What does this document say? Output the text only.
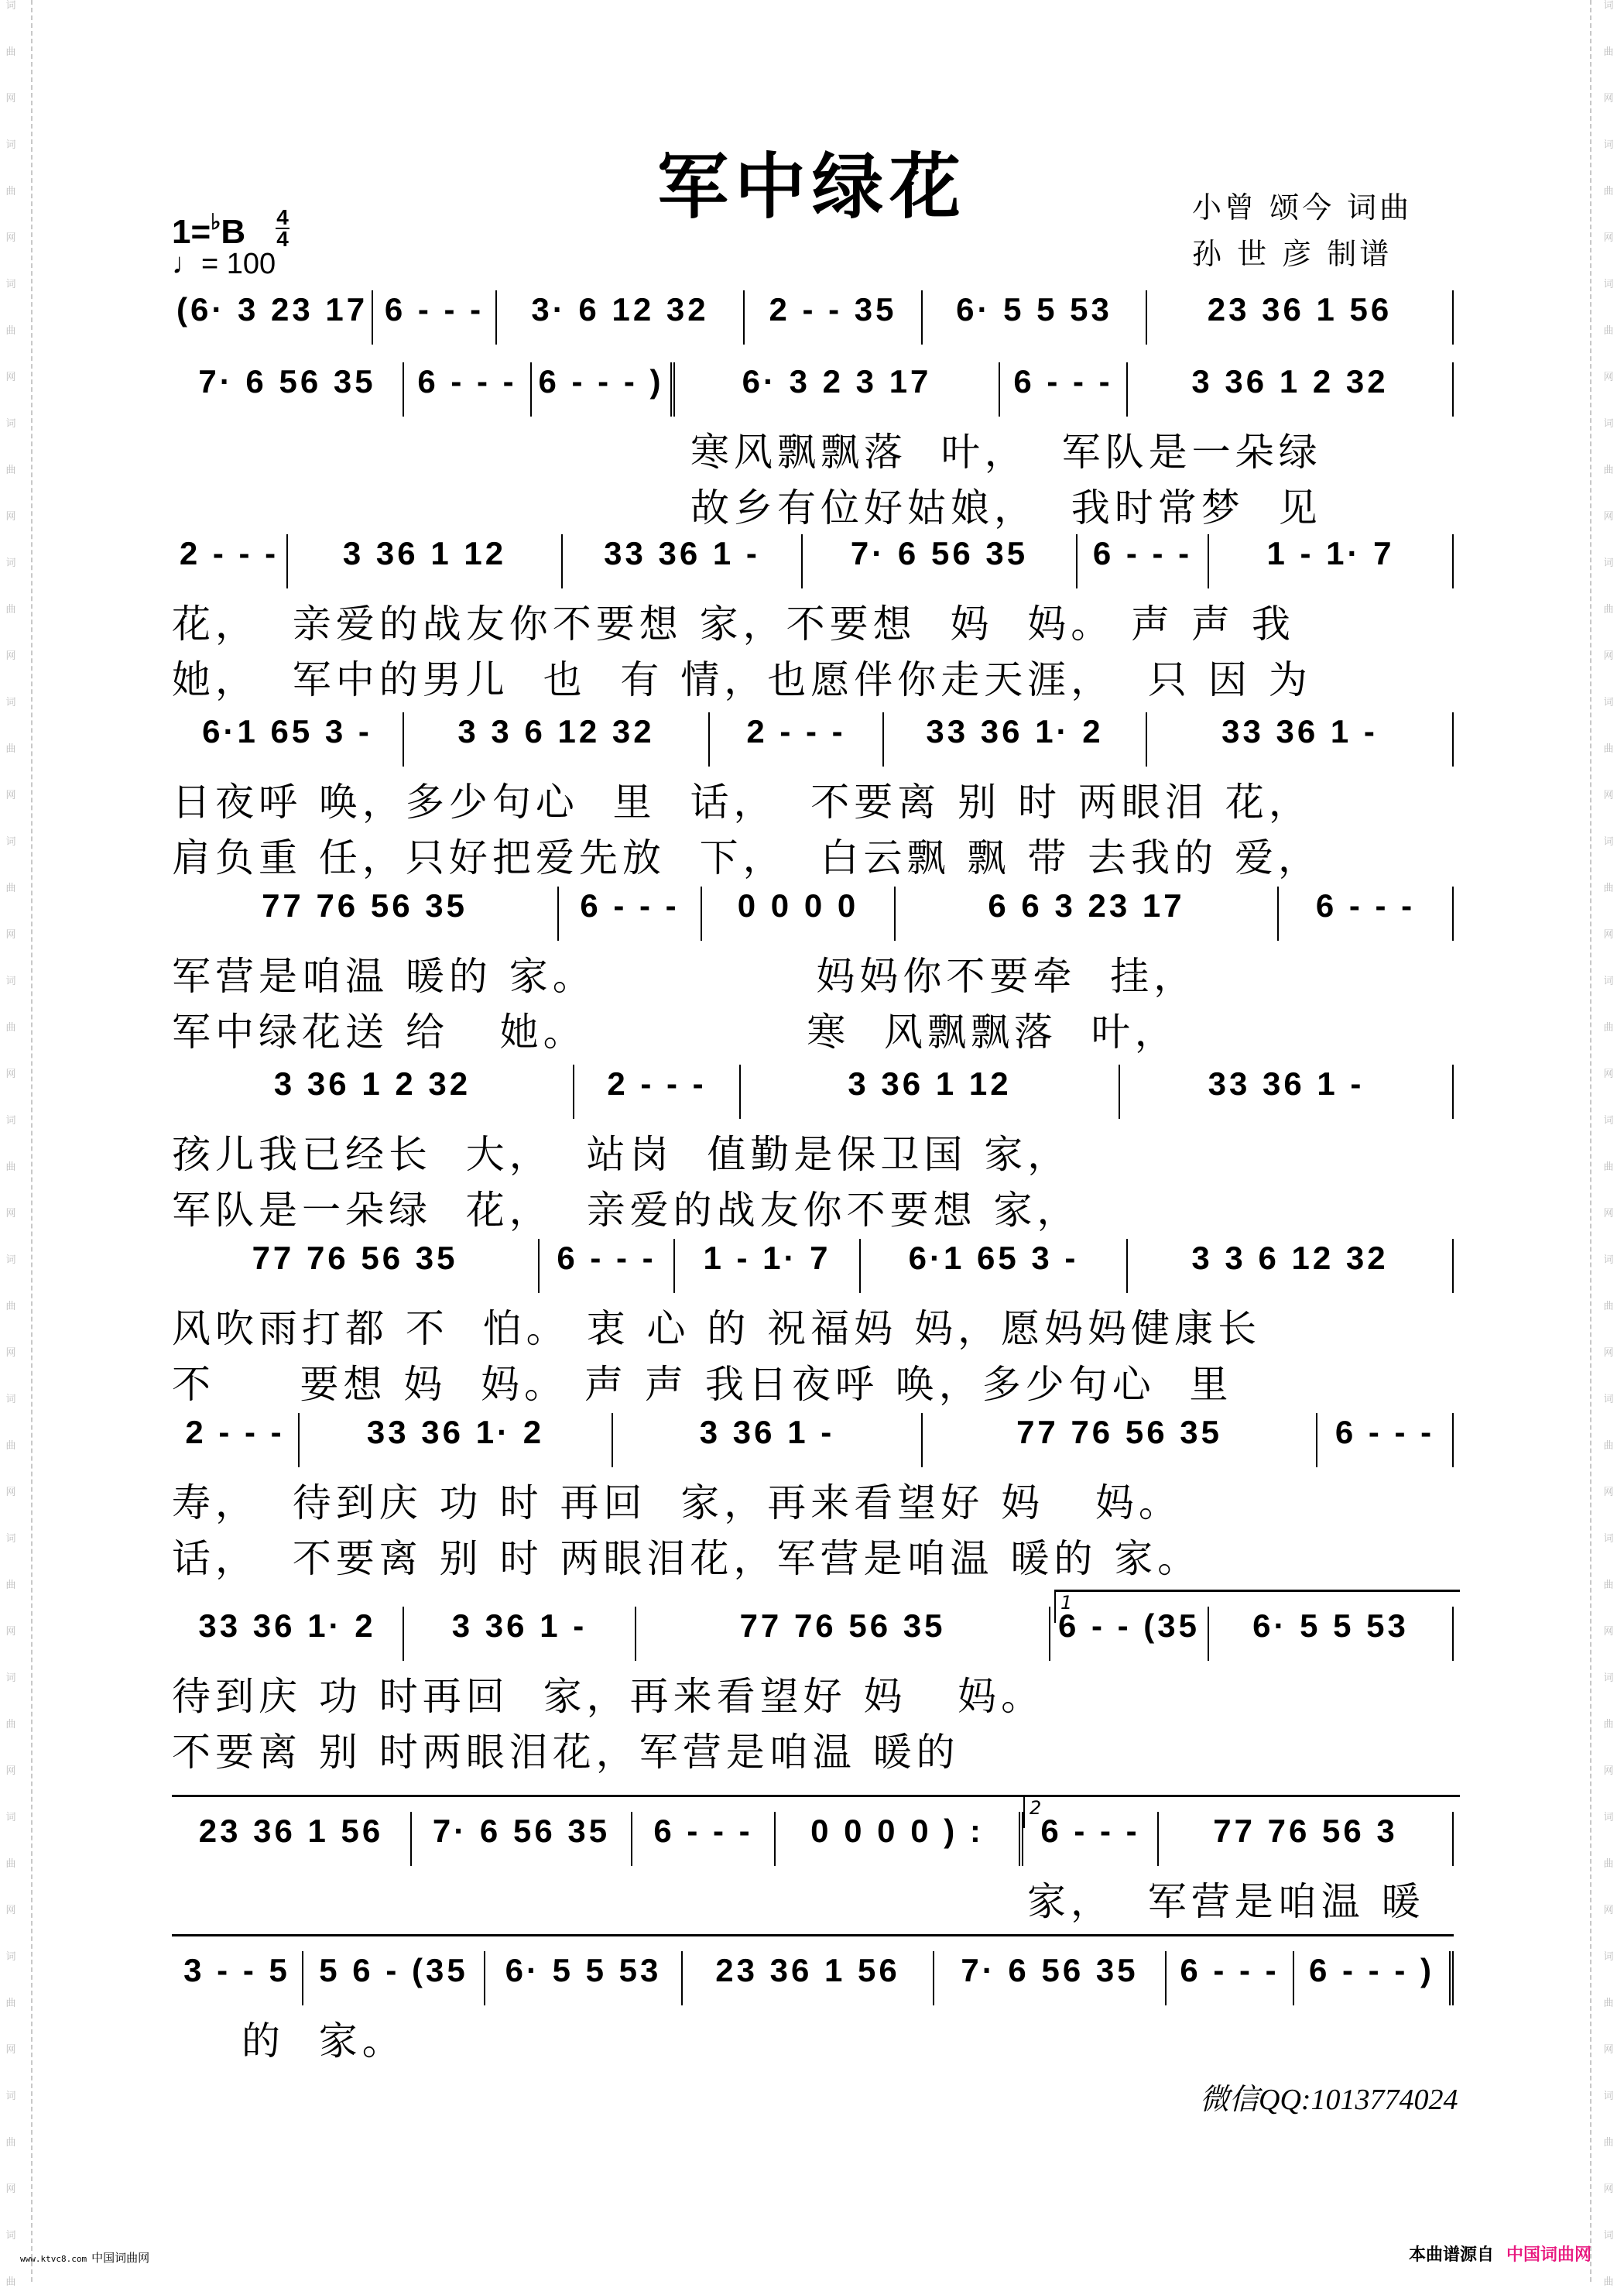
词
曲
网
词
曲
网
词
曲
网
词
曲
网
词
曲
网
词
曲
网
词
曲
网
词
曲
网
词
曲
网
词
曲
网
词
曲
网
词
曲
网
词
曲
网
词
曲
网
词
曲
网
词
曲
网
词
曲
词
曲
网
词
曲
网
词
曲
网
词
曲
网
词
曲
网
词
曲
网
词
曲
网
词
曲
网
词
曲
网
词
曲
网
词
曲
网
词
曲
网
词
曲
网
词
曲
网
词
曲
网
词
曲
网
词
曲
军中绿花	小曾 颂今 词曲
孙 世 彦 制谱
1=♭B 4
4
♩= 100
(6· 3 23 17 6 - - - 3· 6 12 32 2 - - 35 6· 5 5 53	23 36 1 56
7· 6 56 35 6 - - - 6 - - - ) 6· 3 2 3 17	6 - - - 3 36 1 2 32
寒风飘飘落  叶，  军队是一朵绿
故乡有位好姑娘，  我时常梦  见
2 - - - 3 36 1 12	33 36 1 -	7· 6 56 35 6 - - - 1 - 1· 7
花，  亲爱的战友你不要想 家，不要想  妈  妈。 声 声 我
她，  军中的男儿  也  有 情，也愿伴你走天涯，  只 因 为
6·1 65 3 -	3 3 6 12 32	2 - - - 33 36 1· 2	33 36 1 -
日夜呼 唤，多少句心  里  话，  不要离 别 时 两眼泪 花，
肩负重 任，只好把爱先放  下，  白云飘 飘 带 去我的 爱，
77 76 56 35	6 - - - 0 0 0 0	6 6 3 23 17	6 - - -
军营是咱温 暖的 家。             妈妈你不要牵  挂，
军中绿花送 给   她。             寒  风飘飘落  叶，
3 36 1 2 32	2 - - -	3 36 1 12	33 36 1 -
孩儿我已经长  大，  站岗  值勤是保卫国 家，
军队是一朵绿  花，  亲爱的战友你不要想 家，
77 76 56 35	6 - - - 1 - 1· 7 6·1 65 3 -	3 3 6 12 32
风吹雨打都 不  怕。 衷 心 的 祝福妈 妈，愿妈妈健康长
不     要想 妈  妈。 声 声 我日夜呼 唤，多少句心  里
2 - - -	33 36 1· 2	3 36 1 -	77 76 56 35	6 - - -
寿，  待到庆 功 时 再回  家，再来看望好 妈   妈。
话，  不要离 别 时 两眼泪花，军营是咱温 暖的 家。
1
33 36 1· 2 3 36 1 -	77 76 56 35	6 - - (35 6· 5 5 53
待到庆 功 时再回  家，再来看望好 妈   妈。
不要离 别 时两眼泪花，军营是咱温 暖的
2
23 36 1 56 7· 6 56 35 6 - - - 0 0 0 0 ) : 6 - - - 77 76 56 3
家，  军营是咱温 暖
3 - - 5 5 6 - (35 6· 5 5 53 23 36 1 56 7· 6 56 35 6 - - - 6 - - - )
的  家。
微信QQ:1013774024
本曲谱源自 中国词曲网
www.ktvc8.com 中国词曲网
